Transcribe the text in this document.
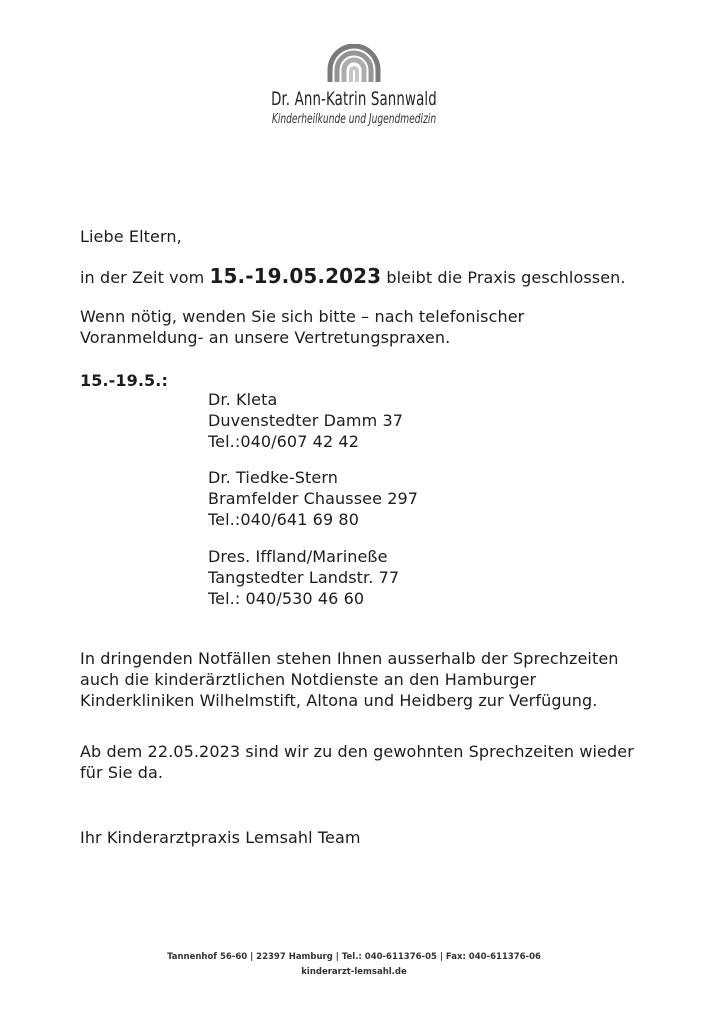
Dr. Ann-Katrin Sannwald
Kinderheilkunde und Jugendmedizin
Liebe Eltern,
in der Zeit vom 15.-19.05.2023 bleibt die Praxis geschlossen.
Wenn nötig, wenden Sie sich bitte – nach telefonischer
Voranmeldung- an unsere Vertretungspraxen.
15.-19.5.:
Dr. Kleta
Duvenstedter Damm 37
Tel.:040/607 42 42
Dr. Tiedke-Stern
Bramfelder Chaussee 297
Tel.:040/641 69 80
Dres. Iffland/Marineße
Tangstedter Landstr. 77
Tel.: 040/530 46 60
In dringenden Notfällen stehen Ihnen ausserhalb der Sprechzeiten
auch die kinderärztlichen Notdienste an den Hamburger
Kinderkliniken Wilhelmstift, Altona und Heidberg zur Verfügung.
Ab dem 22.05.2023 sind wir zu den gewohnten Sprechzeiten wieder
für Sie da.
Ihr Kinderarztpraxis Lemsahl Team
Tannenhof 56-60 | 22397 Hamburg | Tel.: 040-611376-05 | Fax: 040-611376-06
kinderarzt-lemsahl.de
